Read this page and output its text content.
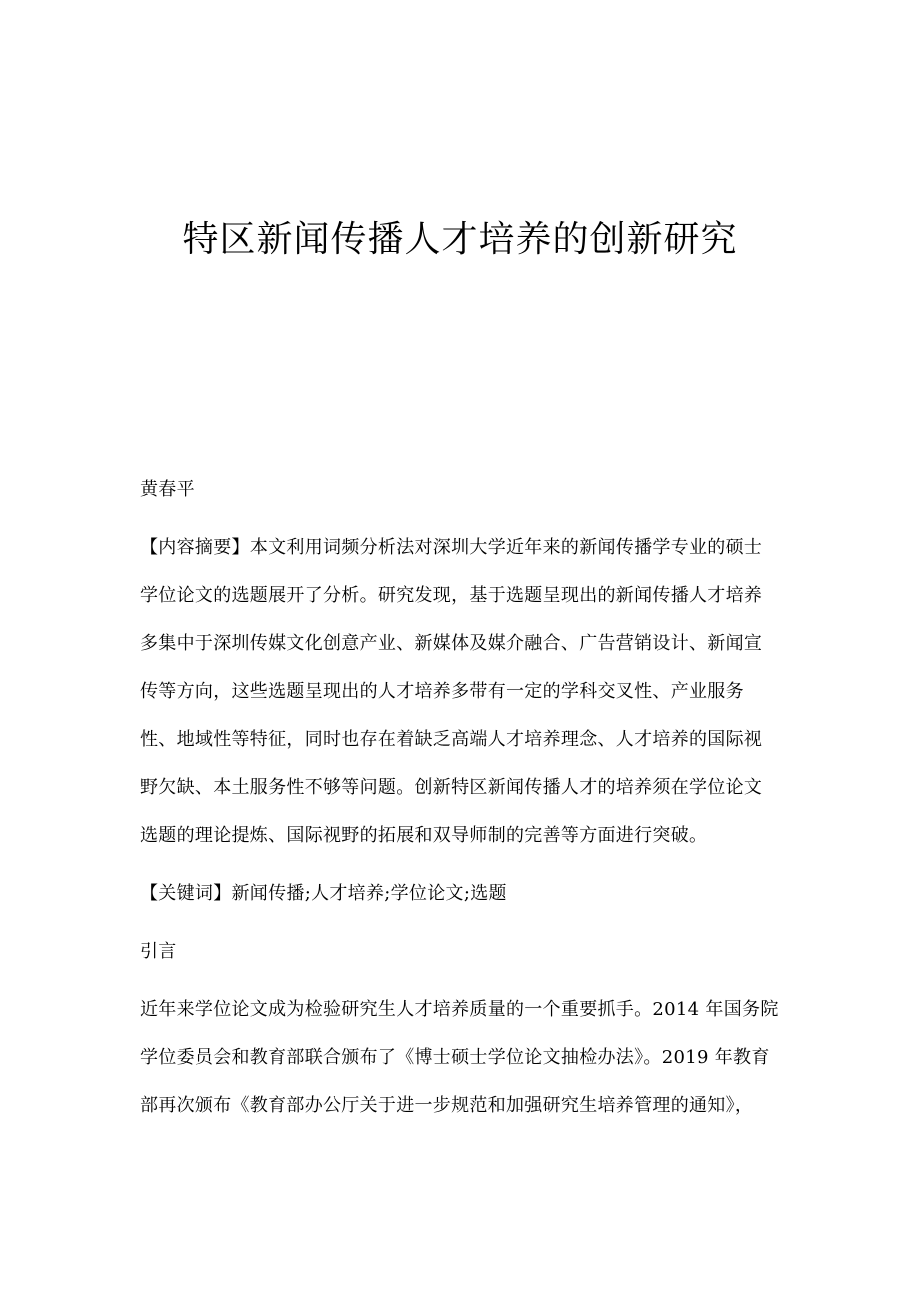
特区新闻传播人才培养的创新研究
黄春平
【内容摘要】本文利用词频分析法对深圳大学近年来的新闻传播学专业的硕士
学位论文的选题展开了分析。研究发现，基于选题呈现出的新闻传播人才培养
多集中于深圳传媒文化创意产业、新媒体及媒介融合、广告营销设计、新闻宣
传等方向，这些选题呈现出的人才培养多带有一定的学科交叉性、产业服务
性、地域性等特征，同时也存在着缺乏高端人才培养理念、人才培养的国际视
野欠缺、本土服务性不够等问题。创新特区新闻传播人才的培养须在学位论文
选题的理论提炼、国际视野的拓展和双导师制的完善等方面进行突破。
【关键词】新闻传播;人才培养;学位论文;选题
引言
近年来学位论文成为检验研究生人才培养质量的一个重要抓手。2014 年国务院
学位委员会和教育部联合颁布了《博士硕士学位论文抽检办法》。2019 年教育
部再次颁布《教育部办公厅关于进一步规范和加强研究生培养管理的通知》，
